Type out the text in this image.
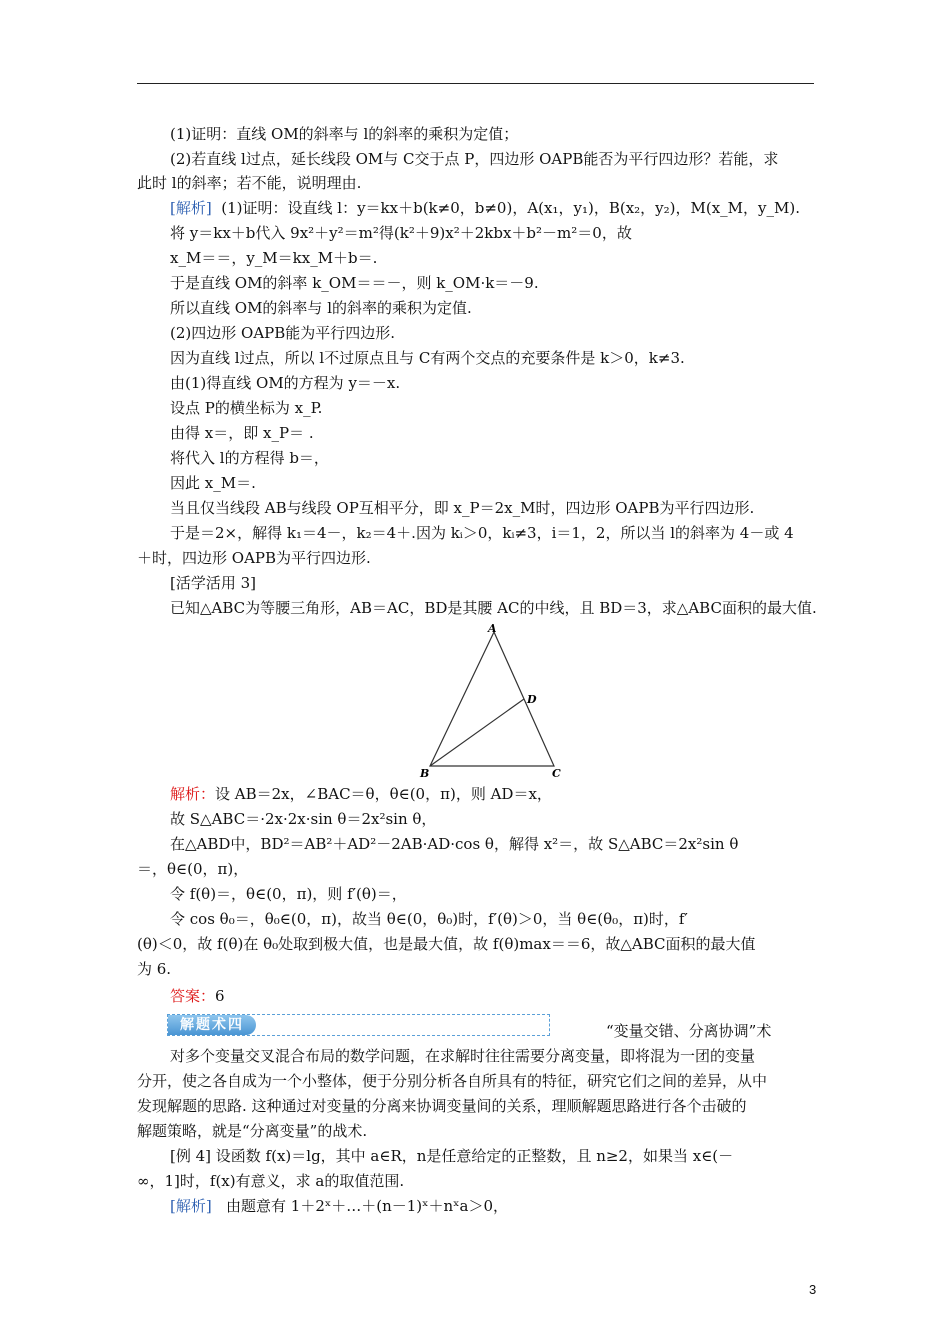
(1)证明：直线 OM的斜率与 l的斜率的乘积为定值；
(2)若直线 l过点，延长线段 OM与 C交于点 P，四边形 OAPB能否为平行四边形？若能，求
此时 l的斜率；若不能，说明理由.
[解析] (1)证明：设直线 l：y＝kx＋b(k≠0，b≠0)，A(x₁，y₁)，B(x₂，y₂)，M(x_M，y_M).
将 y＝kx＋b代入 9x²＋y²＝m²得(k²＋9)x²＋2kbx＋b²－m²＝0，故
x_M＝＝，y_M＝kx_M＋b＝.
于是直线 OM的斜率 k_OM＝＝－，则 k_OM·k＝－9.
所以直线 OM的斜率与 l的斜率的乘积为定值.
(2)四边形 OAPB能为平行四边形.
因为直线 l过点，所以 l不过原点且与 C有两个交点的充要条件是 k＞0，k≠3.
由(1)得直线 OM的方程为 y＝－x.
设点 P的横坐标为 x_P.
由得 x＝，即 x_P＝ .
将代入 l的方程得 b＝，
因此 x_M＝.
当且仅当线段 AB与线段 OP互相平分，即 x_P＝2x_M时，四边形 OAPB为平行四边形.
于是＝2×，解得 k₁＝4－，k₂＝4＋.因为 kᵢ＞0，kᵢ≠3，i＝1，2，所以当 l的斜率为 4－或 4
＋时，四边形 OAPB为平行四边形.
[活学活用 3]
已知△ABC为等腰三角形，AB＝AC，BD是其腰 AC的中线，且 BD＝3，求△ABC面积的最大值.
A
B	C
D
解析：设 AB＝2x，∠BAC＝θ，θ∈(0，π)，则 AD＝x，
故 S△ABC＝·2x·2x·sin θ＝2x²sin θ，
在△ABD中，BD²＝AB²＋AD²－2AB·AD·cos θ，解得 x²＝，故 S△ABC＝2x²sin θ
＝，θ∈(0，π)，
令 f(θ)＝，θ∈(0，π)，则 f′(θ)＝，
令 cos θ₀＝，θ₀∈(0，π)，故当 θ∈(0，θ₀)时，f′(θ)＞0，当 θ∈(θ₀，π)时，f′
(θ)＜0，故 f(θ)在 θ₀处取到极大值，也是最大值，故 f(θ)max＝＝6，故△ABC面积的最大值
为 6.
答案：6
解题术四	“变量交错、分离协调”术
对多个变量交叉混合布局的数学问题，在求解时往往需要分离变量，即将混为一团的变量
分开，使之各自成为一个小整体，便于分别分析各自所具有的特征，研究它们之间的差异，从中
发现解题的思路. 这种通过对变量的分离来协调变量间的关系，理顺解题思路进行各个击破的
解题策略，就是“分离变量”的战术.
[例 4] 设函数 f(x)＝lg，其中 a∈R，n是任意给定的正整数，且 n≥2，如果当 x∈(－
∞，1]时，f(x)有意义，求 a的取值范围.
[解析] 由题意有 1＋2ˣ＋…＋(n－1)ˣ＋nˣa＞0，
3
